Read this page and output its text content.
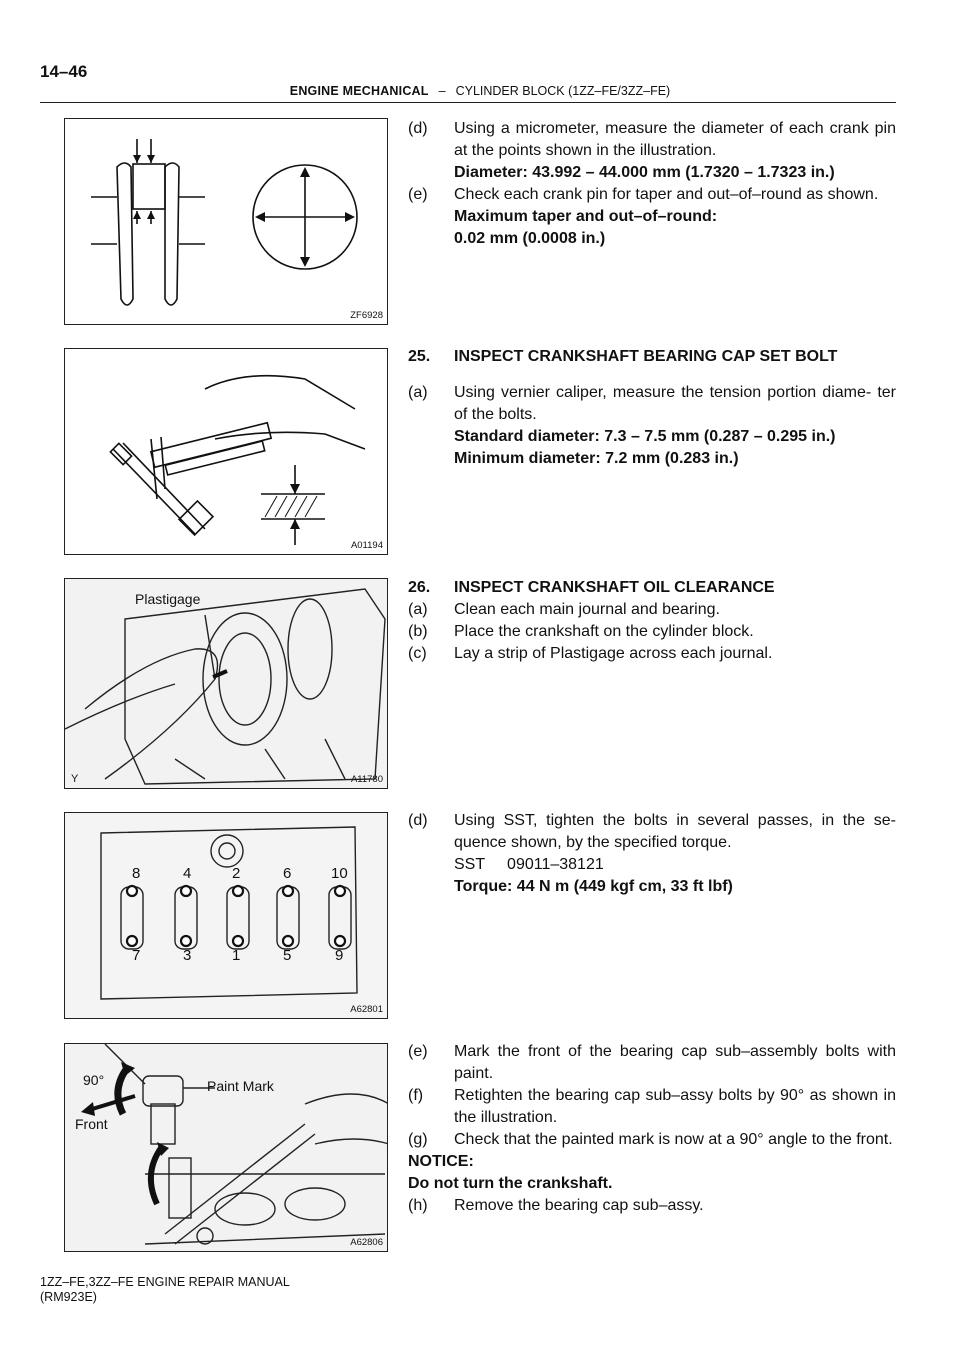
14–46
ENGINE MECHANICAL – CYLINDER BLOCK (1ZZ–FE/3ZZ–FE)
ZF6928
A01194
Plastigage
Y	A11780
8	4	2	6	10
7	3	1	5	9
A62801
90°
Front
Paint Mark
A62806
(d) Using a micrometer, measure the diameter of each crank pin at the points shown in the illustration.
Diameter: 43.992 – 44.000 mm (1.7320 – 1.7323 in.)
(e) Check each crank pin for taper and out–of–round as shown.
Maximum taper and out–of–round:
0.02 mm (0.0008 in.)
25. INSPECT CRANKSHAFT BEARING CAP SET BOLT
(a) Using vernier caliper, measure the tension portion diame- ter of the bolts.
Standard diameter: 7.3 – 7.5 mm (0.287 – 0.295 in.)
Minimum diameter: 7.2 mm (0.283 in.)
26. INSPECT CRANKSHAFT OIL CLEARANCE
(a) Clean each main journal and bearing.
(b) Place the crankshaft on the cylinder block.
(c) Lay a strip of Plastigage across each journal.
(d) Using SST, tighten the bolts in several passes, in the se- quence shown, by the specified torque.
SST     09011–38121
Torque: 44 N m (449 kgf cm, 33 ft lbf)
(e) Mark the front of the bearing cap sub–assembly bolts with paint.
(f) Retighten the bearing cap sub–assy bolts by 90° as shown in the illustration.
(g) Check that the painted mark is now at a 90° angle to the front.
NOTICE:
Do not turn the crankshaft.
(h) Remove the bearing cap sub–assy.
1ZZ–FE,3ZZ–FE ENGINE REPAIR MANUAL
(RM923E)
